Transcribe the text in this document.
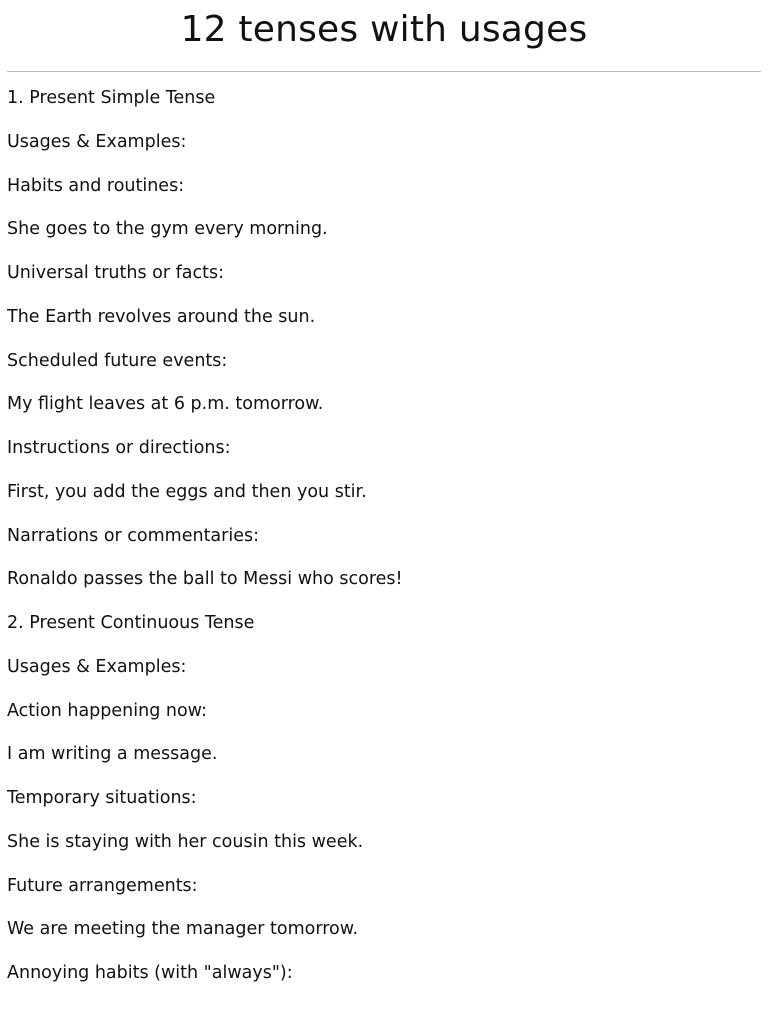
12 tenses with usages
1. Present Simple Tense
Usages & Examples:
Habits and routines:
She goes to the gym every morning.
Universal truths or facts:
The Earth revolves around the sun.
Scheduled future events:
My flight leaves at 6 p.m. tomorrow.
Instructions or directions:
First, you add the eggs and then you stir.
Narrations or commentaries:
Ronaldo passes the ball to Messi who scores!
2. Present Continuous Tense
Usages & Examples:
Action happening now:
I am writing a message.
Temporary situations:
She is staying with her cousin this week.
Future arrangements:
We are meeting the manager tomorrow.
Annoying habits (with "always"):
